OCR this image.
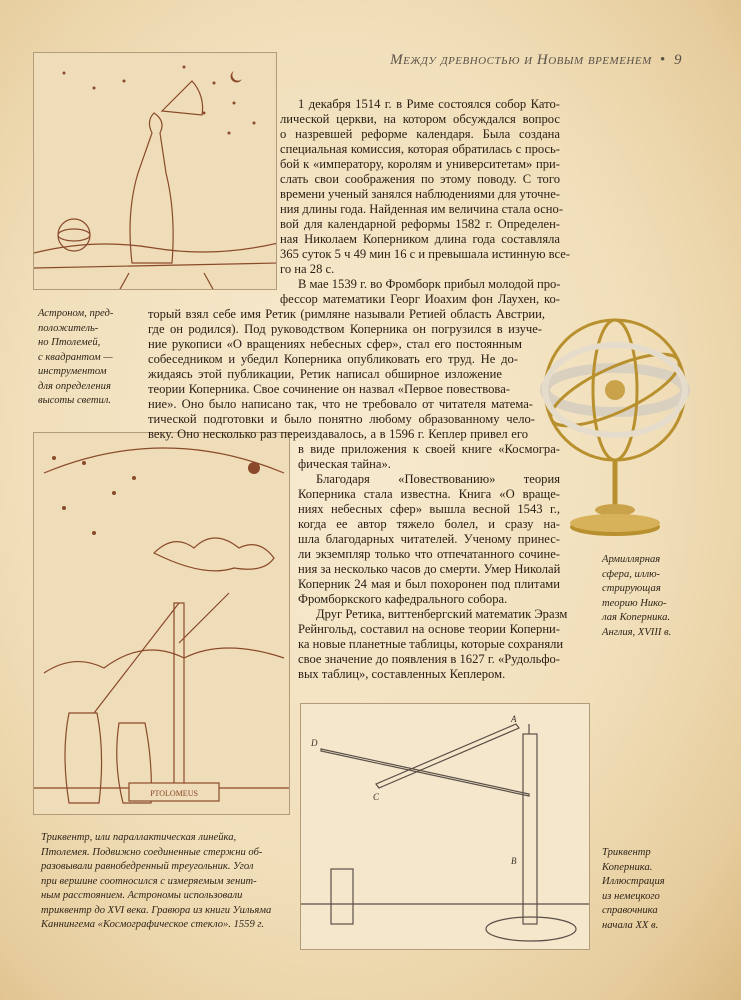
Между древностью и Новым временем • 9
Астроном, пред-
положитель-
но Птолемей,
с квадрантом —
инструментом
для определения
высоты светил.
Армиллярная
сфера, иллю-
стрирующая
теорию Нико-
лая Коперника.
Англия, XVIII в.
PTOLOMEUS
Триквентр, или параллактическая линейка,
Птолемея. Подвижно соединенные стержни об-
разовывали равнобедренный треугольник. Угол
при вершине соотносился с измеряемым зенит-
ным расстоянием. Астрономы использовали
триквентр до XVI века. Гравюра из книги Уильяма
Каннингема «Космографическое стекло». 1559 г.
A
B
C
D
Триквентр
Коперника.
Иллюстрация
из немецкого
справочника
начала XX в.
1 декабря 1514 г. в Риме состоялся собор Като-
лической церкви, на котором обсуждался вопрос
о назревшей реформе календаря. Была создана
специальная комиссия, которая обратилась с прось-
бой к «императору, королям и университетам» при-
слать свои соображения по этому поводу. С того
времени ученый занялся наблюдениями для уточне-
ния длины года. Найденная им величина стала осно-
вой для календарной реформы 1582 г. Определен-
ная Николаем Коперником длина года составляла
365 суток 5 ч 49 мин 16 с и превышала истинную все-
го на 28 с.
В мае 1539 г. во Фромборк прибыл молодой про-
фессор математики Георг Иоахим фон Лаухен, ко-
торый взял себе имя Ретик (римляне называли Ретией область Австрии,
где он родился). Под руководством Коперника он погрузился в изуче-
ние рукописи «О вращениях небесных сфер», стал его постоянным
собеседником и убедил Коперника опубликовать его труд. Не до-
жидаясь этой публикации, Ретик написал обширное изложение
теории Коперника. Свое сочинение он назвал «Первое повествова-
ние». Оно было написано так, что не требовало от читателя матема-
тической подготовки и было понятно любому образованному чело-
веку. Оно несколько раз переиздавалось, а в 1596 г. Кеплер привел его
в виде приложения к своей книге «Космогра-
фическая тайна».
Благодаря «Повествованию» теория
Коперника стала известна. Книга «О враще-
ниях небесных сфер» вышла весной 1543 г.,
когда ее автор тяжело болел, и сразу на-
шла благодарных читателей. Ученому принес-
ли экземпляр только что отпечатанного сочине-
ния за несколько часов до смерти. Умер Николай
Коперник 24 мая и был похоронен под плитами
Фромборкского кафедрального собора.
Друг Ретика, виттенбергский математик Эразм
Рейнгольд, составил на основе теории Коперни-
ка новые планетные таблицы, которые сохраняли
свое значение до появления в 1627 г. «Рудольфо-
вых таблиц», составленных Кеплером.
